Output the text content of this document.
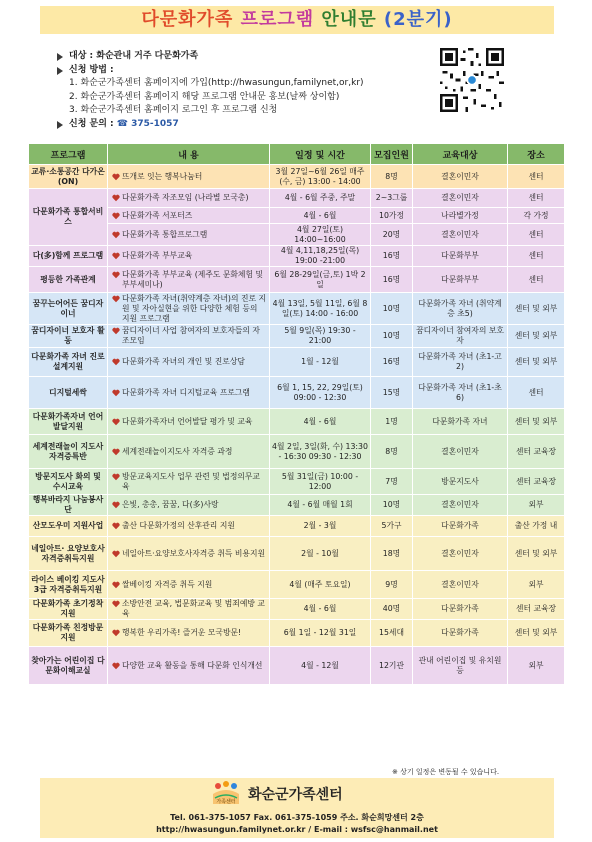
다문화가족 프로그램 안내문 (2분기)
대상 : 화순관내 거주 다문화가족
신청 방법 :
1. 화순군가족센터 홈페이지에 가입(http://hwasungun,familynet,or,kr)
2. 화순군가족센터 홈페이지 해당 프로그램 안내문 홍보(날짜 상이함)
3. 화순군가족센터 홈페이지 로그인 후 프로그램 신청
신청 문의 : ☎ 375-1057
프로그램	내 용	일정 및 시간	모집인원	교육대상	장소
교류·소통공간 다가온(ON)	뜨개로 잇는 행복나눔터	3월 27일~6월 26일 매주(수, 금) 13:00 - 14:00	8명	결혼이민자	센터
다문화가족 통합서비스	다문화가족 자조모임 (나라별 모국총)	4월 - 6월 주중, 주말	2~3그룹	결혼이민자	센터

다문화가족 서포터즈	4월 - 6월	10가정	나라별가정	각 가정

다문화가족 통합프로그램	4월 27일(토) 14:00~16:00	20명	결혼이민자	센터
다(多)함께 프로그램	다문화가족 부부교육	4월 4,11,18,25일(목) 19:00 -21:00	16명	다문화부부	센터
평등한 가족관계	다문화가족 부부교육 (제주도 문화체험 및 부부세미나)	6월 28-29일(금,토) 1박 2일	16명	다문화부부	센터
꿈꾸는어어든 꿈디자이너	다문화가족 자녀(취약계층 자녀)의 진로 지원 및 자아실현을 위한 다양한 체험 등의 지원 프로그램	4월 13일, 5월 11일, 6월 8일(토) 14:00 - 16:00	10명	다문화가족 자녀 (취약계층 초5)	센터 및 외부
꿈디자이너 보호자 활동	꿈디자이너 사업 참여자의 보호자들의 자조모임	5월 9일(목) 19:30 - 21:00	10명	꿈디자이너 참여자의 보호자	센터 및 외부
다문화가족 자녀 진로설계지원	다문화가족 자녀의 개인 및 진로상담	1월 - 12월	16명	다문화가족 자녀 (초1-고2)	센터 및 외부
디지털세싹	다문화가족 자녀 디지털교육 프로그램	6월 1, 15, 22, 29일(토) 09:00 - 12:30	15명	다문화가족 자녀 (초1-초6)	센터
다문화가족자녀 언어발달지원	다문화가족자녀 언어발달 평가 및 교육	4월 - 6월	1명	다문화가족 자녀	센터 및 외부
세계전래놀이 지도사 자격증특반	세계전래놀이지도사 자격증 과정	4월 2일, 3일(화, 수) 13:30 - 16:30 09:30 - 12:30	8명	결혼이민자	센터 교육장
방문지도사 화의 및 수시교육	방문교육지도사 업무 관련 및 법정의무교육	5월 31일(금) 10:00 - 12:00	7명	방문지도사	센터 교육장
행복바라지 나눔봉사단	은빛, 총총, 꿈꿈, 다(多)사랑	4월 - 6월 매월 1회	10명	결혼이민자	외부
산모도우미 지원사업	출산 다문화가정의 산후관리 지원	2월 - 3월	5가구	다문화가족	출산 가정 내
네일아트· 요양보호사 자격증취득지원	네일아트·요양보호사자격증 취득 비용지원	2월 - 10월	18명	결혼이민자	센터 및 외부
라이스 베이킹 지도사 3급 자격증취득지원	쌀베이킹 자격증 취득 지원	4월 (매주 토요일)	9명	결혼이민자	외부
다문화가족 초기정착지원	소방안전 교육, 법문화교육 및 범죄예방 교육	4월 - 6월	40명	다문화가족	센터 교육장
다문화가족 친정방문지원	행복한 우리가족! 즐거운 모국방문!	6월 1일 - 12월 31일	15세대	다문화가족	센터 및 외부
찾아가는 어린이집 다문화이해교실	다양한 교육 활동을 통해 다문화 인식개선	4월 - 12월	12기관	관내 어린이집 및 유치원 등	외부
※ 상기 일정은 변동될 수 있습니다.
가족센터 화순군가족센터
Tel. 061-375-1057 Fax. 061-375-1059 주소. 화순희망센터 2층
http://hwasungun.familynet.or.kr / E-mail : wsfsc@hanmail.net
